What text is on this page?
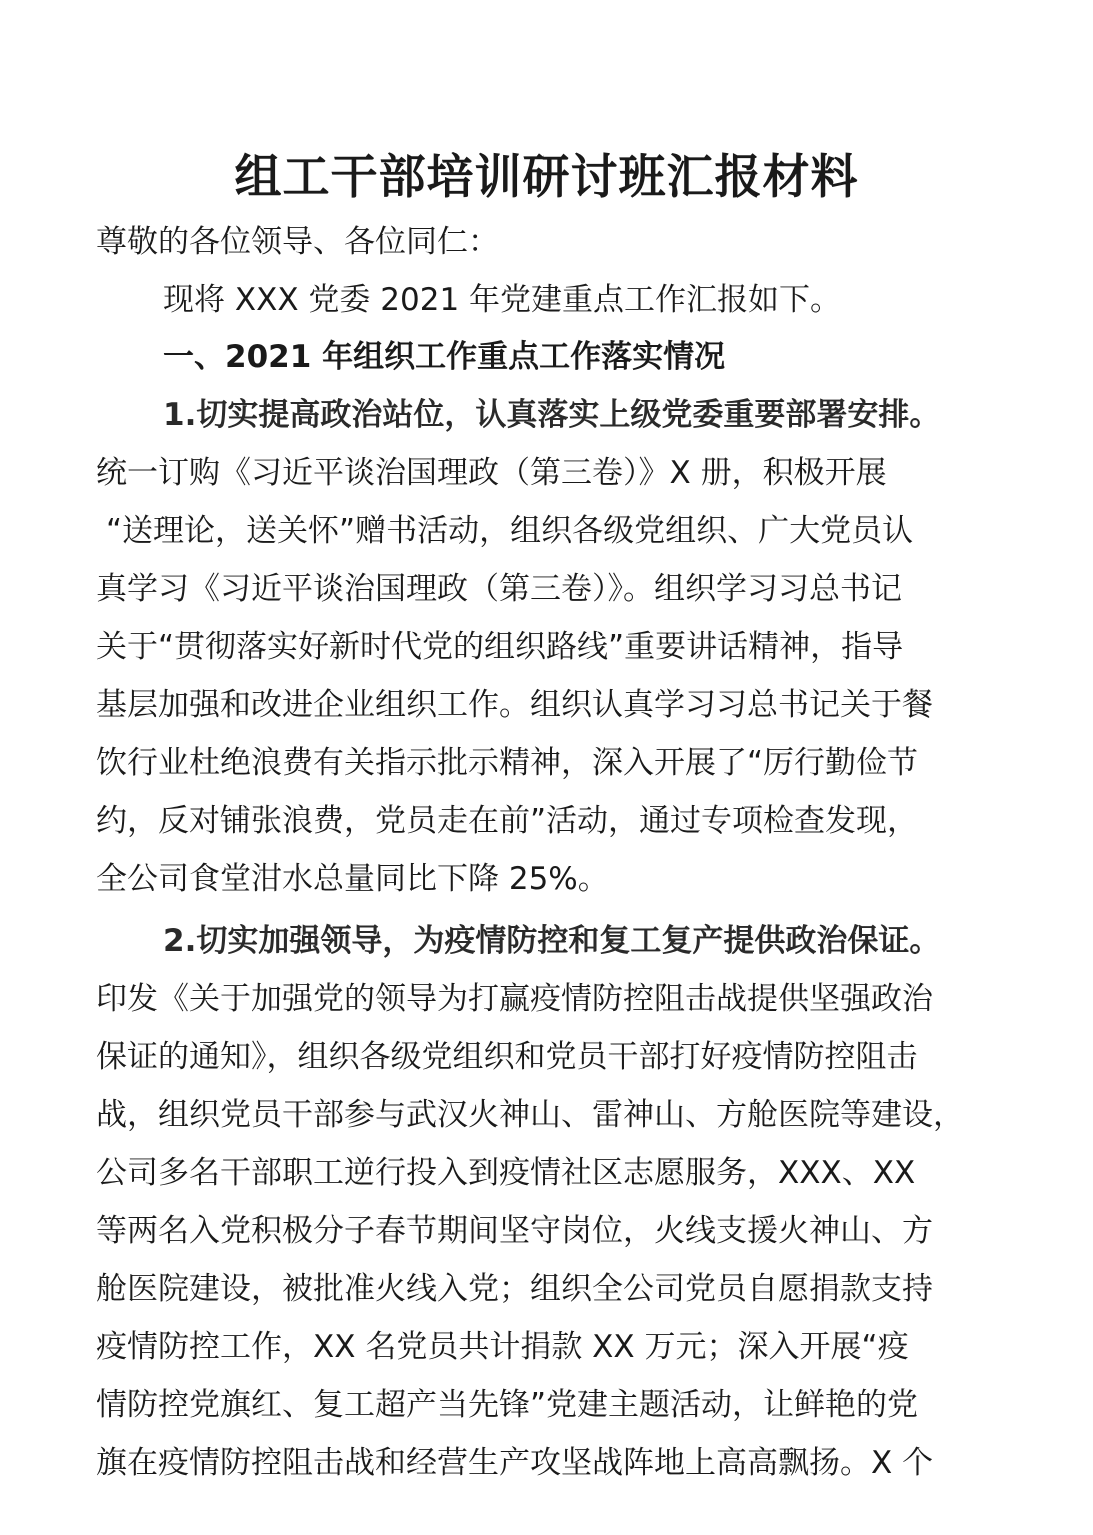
组工干部培训研讨班汇报材料

尊敬的各位领导、各位同仁：

现将 XXX 党委 2021 年党建重点工作汇报如下。

一、2021 年组织工作重点工作落实情况

1.切实提高政治站位，认真落实上级党委重要部署安排。
统一订购《习近平谈治国理政（第三卷）》X 册，积极开展
“送理论，送关怀”赠书活动，组织各级党组织、广大党员认
真学习《习近平谈治国理政（第三卷）》。组织学习习总书记
关于“贯彻落实好新时代党的组织路线”重要讲话精神，指导
基层加强和改进企业组织工作。组织认真学习习总书记关于餐
饮行业杜绝浪费有关指示批示精神，深入开展了“厉行勤俭节
约，反对铺张浪费，党员走在前”活动，通过专项检查发现，
全公司食堂泔水总量同比下降 25%。
2.切实加强领导，为疫情防控和复工复产提供政治保证。
印发《关于加强党的领导为打赢疫情防控阻击战提供坚强政治
保证的通知》，组织各级党组织和党员干部打好疫情防控阻击
战，组织党员干部参与武汉火神山、雷神山、方舱医院等建设，
公司多名干部职工逆行投入到疫情社区志愿服务，XXX、XX
等两名入党积极分子春节期间坚守岗位，火线支援火神山、方
舱医院建设，被批准火线入党；组织全公司党员自愿捐款支持
疫情防控工作，XX 名党员共计捐款 XX 万元；深入开展“疫
情防控党旗红、复工超产当先锋”党建主题活动，让鲜艳的党
旗在疫情防控阻击战和经营生产攻坚战阵地上高高飘扬。X 个
